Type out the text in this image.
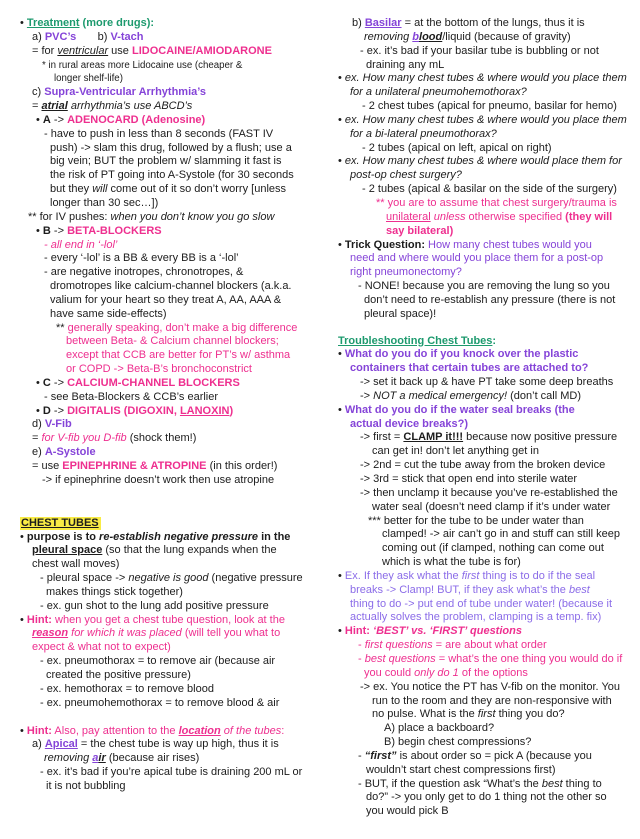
• Treatment (more drugs):
a) PVC’s       b) V-tach
= for ventricular use LIDOCAINE/AMIODARONE
* in rural areas more Lidocaine use (cheaper &
longer shelf-life)
c) Supra-Ventricular Arrhythmia’s
= atrial arrhythmia’s use ABCD’s
• A -> ADENOCARD (Adenosine)
- have to push in less than 8 seconds (FAST IV
push) -> slam this drug, followed by a flush; use a
big vein; BUT the problem w/ slamming it fast is
the risk of PT going into A-Systole (for 30 seconds
but they will come out of it so don’t worry [unless
longer than 30 sec…])
** for IV pushes: when you don’t know you go slow
• B -> BETA-BLOCKERS
- all end in ‘-lol’
- every ‘-lol’ is a BB & every BB is a ‘-lol’
- are negative inotropes, chronotropes, &
dromotropes like calcium-channel blockers (a.k.a.
valium for your heart so they treat A, AA, AAA &
have same side-effects)
** generally speaking, don’t make a big difference
between Beta- & Calcium channel blockers;
except that CCB are better for PT’s w/ asthma
or COPD -> Beta-B’s bronchoconstrict
• C -> CALCIUM-CHANNEL BLOCKERS
- see Beta-Blockers & CCB’s earlier
• D -> DIGITALIS (DIGOXIN, LANOXIN)
d) V-Fib
= for V-fib you D-fib (shock them!)
e) A-Systole
= use EPINEPHRINE & ATROPINE (in this order!)
-> if epinephrine doesn’t work then use atropine
CHEST TUBES
• purpose is to re-establish negative pressure in the
pleural space (so that the lung expands when the
chest wall moves)
- pleural space -> negative is good (negative pressure
makes things stick together)
- ex. gun shot to the lung add positive pressure
• Hint: when you get a chest tube question, look at the
reason for which it was placed (will tell you what to
expect & what not to expect)
- ex. pneumothorax = to remove air (because air
created the positive pressure)
- ex. hemothorax = to remove blood
- ex. pneumohemothorax = to remove blood & air
• Hint: Also, pay attention to the location of the tubes:
a) Apical = the chest tube is way up high, thus it is
removing air (because air rises)
- ex. it’s bad if you’re apical tube is draining 200 mL or
it is not bubbling
b) Basilar = at the bottom of the lungs, thus it is
removing blood/liquid (because of gravity)
- ex. it’s bad if your basilar tube is bubbling or not
draining any mL
• ex. How many chest tubes & where would you place them
for a unilateral pneumohemothorax?
- 2 chest tubes (apical for pneumo, basilar for hemo)
• ex. How many chest tubes & where would you place them
for a bi-lateral pneumothorax?
- 2 tubes (apical on left, apical on right)
• ex. How many chest tubes & where would place them for
post-op chest surgery?
- 2 tubes (apical & basilar on the side of the surgery)
** you are to assume that chest surgery/trauma is
unilateral unless otherwise specified (they will
say bilateral)
• Trick Question: How many chest tubes would you
need and where would you place them for a post-op
right pneumonectomy?
- NONE! because you are removing the lung so you
don’t need to re-establish any pressure (there is not
pleural space)!
Troubleshooting Chest Tubes:
• What do you do if you knock over the plastic
containers that certain tubes are attached to?
-> set it back up & have PT take some deep breaths
-> NOT a medical emergency! (don’t call MD)
• What do you do if the water seal breaks (the
actual device breaks?)
-> first = CLAMP it!!! because now positive pressure
can get in! don’t let anything get in
-> 2nd = cut the tube away from the broken device
-> 3rd = stick that open end into sterile water
-> then unclamp it because you’ve re-established the
water seal (doesn’t need clamp if it’s under water
*** better for the tube to be under water than
clamped! -> air can’t go in and stuff can still keep
coming out (if clamped, nothing can come out
which is what the tube is for)
• Ex. If they ask what the first thing is to do if the seal
breaks -> Clamp! BUT, if they ask what’s the best
thing to do -> put end of tube under water! (because it
actually solves the problem, clamping is a temp. fix)
• Hint: ‘BEST’ vs. ‘FIRST’ questions
- first questions = are about what order
- best questions = what’s the one thing you would do if
you could only do 1 of the options
-> ex. You notice the PT has V-fib on the monitor. You
run to the room and they are non-responsive with
no pulse. What is the first thing you do?
A) place a backboard?
B) begin chest compressions?
- “first” is about order so = pick A (because you
wouldn’t start chest compressions first)
- BUT, if the question ask “What’s the best thing to
do?” -> you only get to do 1 thing not the other so
you would pick B
